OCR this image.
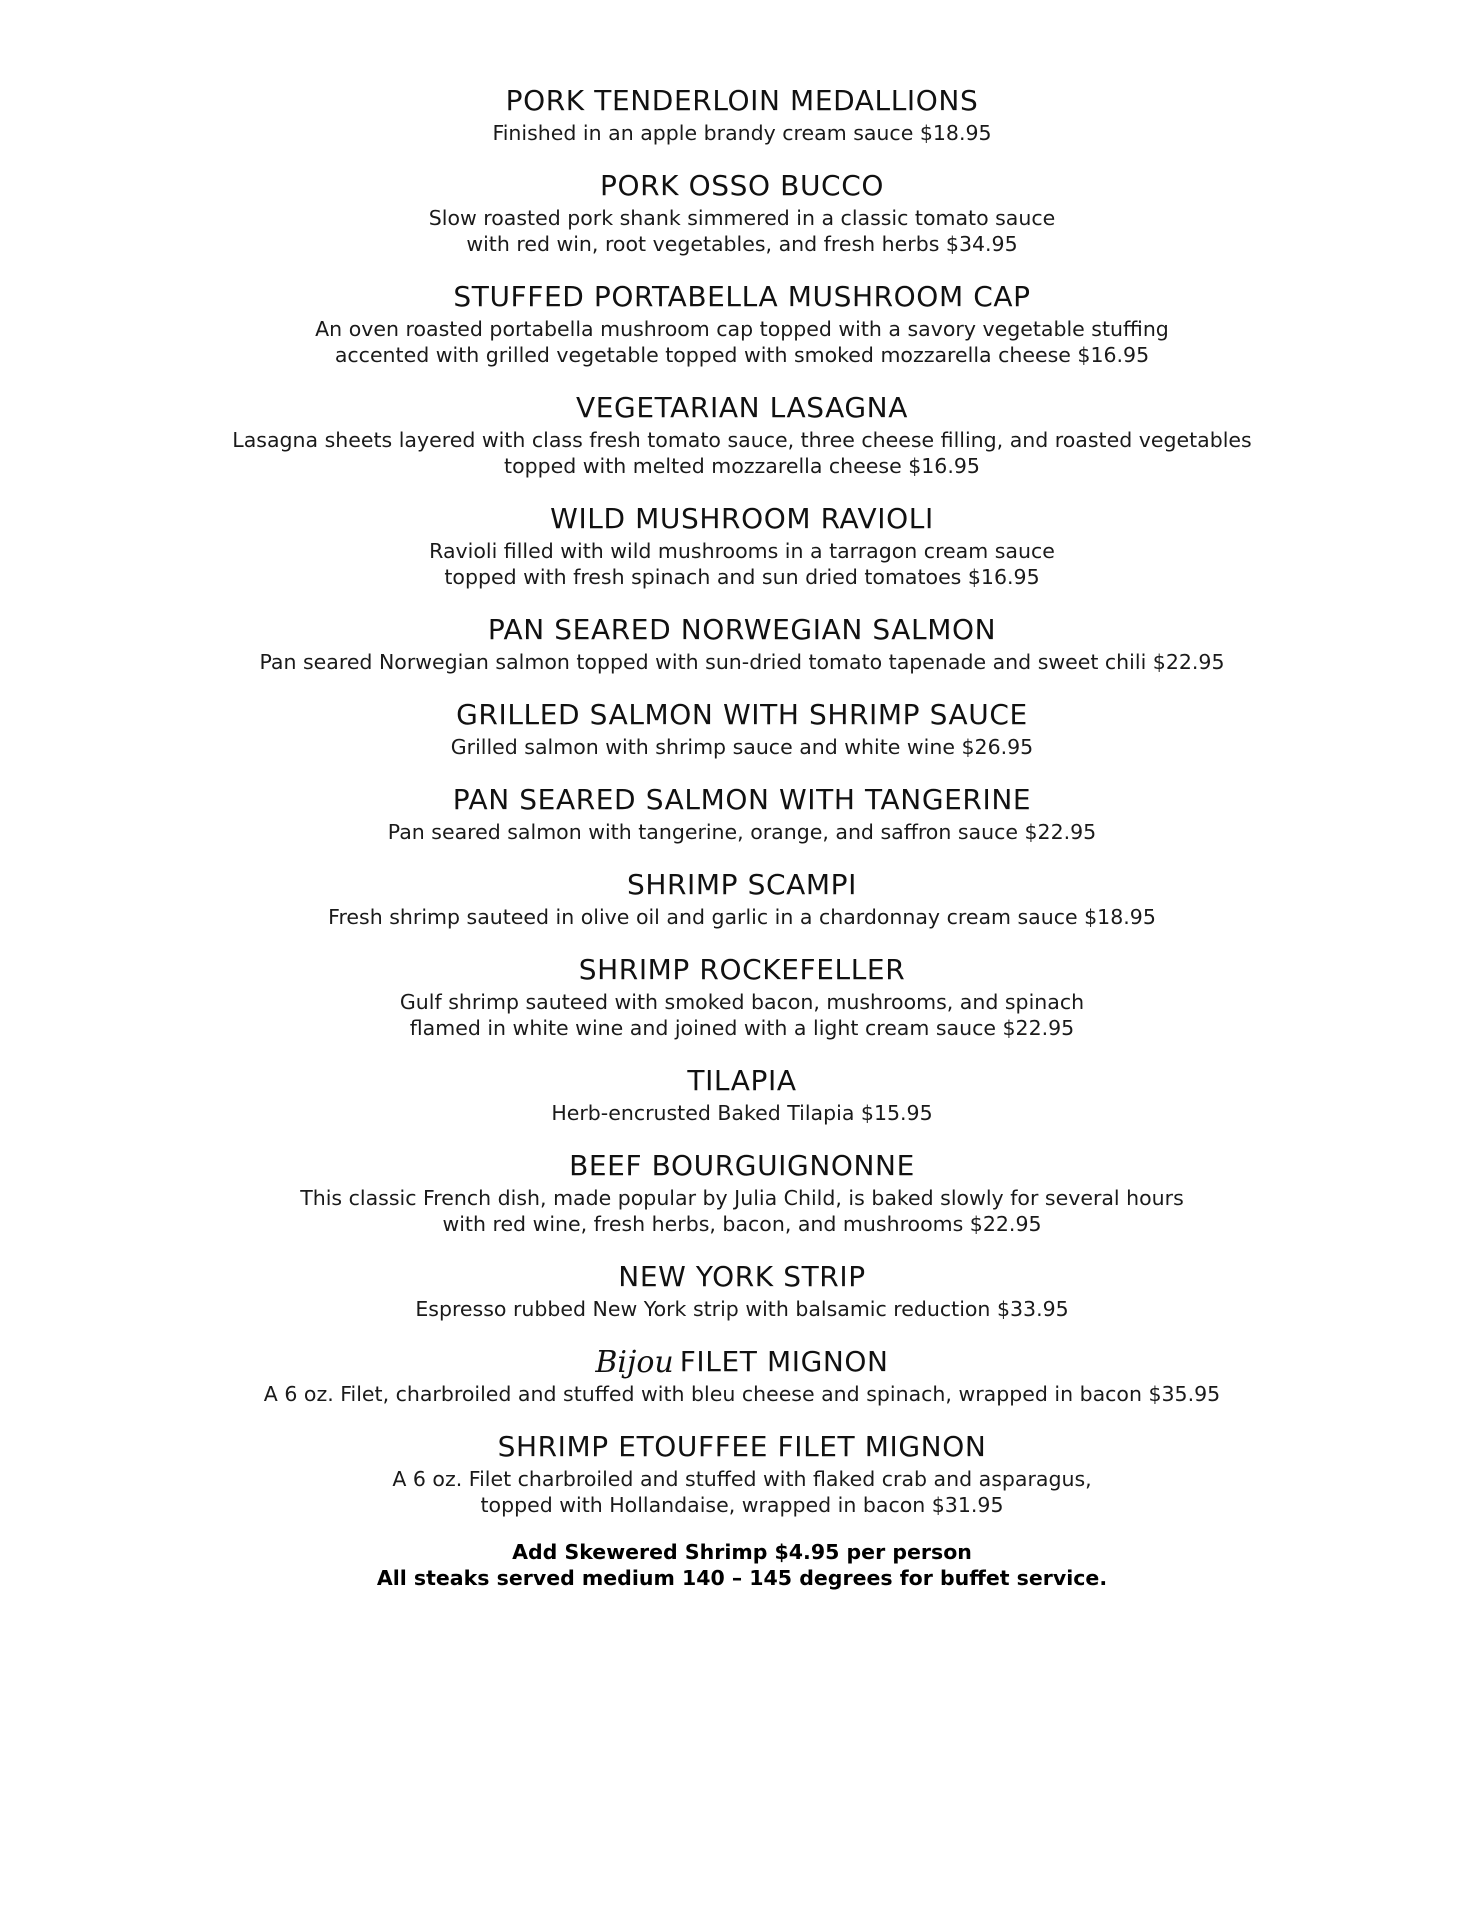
PORK TENDERLOIN MEDALLIONS

Finished in an apple brandy cream sauce $18.95

PORK OSSO BUCCO

Slow roasted pork shank simmered in a classic tomato sauce

with red win, root vegetables, and fresh herbs $34.95

STUFFED PORTABELLA MUSHROOM CAP

An oven roasted portabella mushroom cap topped with a savory vegetable stuffing

accented with grilled vegetable topped with smoked mozzarella cheese $16.95

VEGETARIAN LASAGNA

Lasagna sheets layered with class fresh tomato sauce, three cheese filling, and roasted vegetables

topped with melted mozzarella cheese $16.95

WILD MUSHROOM RAVIOLI

Ravioli filled with wild mushrooms in a tarragon cream sauce

topped with fresh spinach and sun dried tomatoes $16.95

PAN SEARED NORWEGIAN SALMON

Pan seared Norwegian salmon topped with sun-dried tomato tapenade and sweet chili $22.95

GRILLED SALMON WITH SHRIMP SAUCE

Grilled salmon with shrimp sauce and white wine $26.95

PAN SEARED SALMON WITH TANGERINE

Pan seared salmon with tangerine, orange, and saffron sauce $22.95

SHRIMP SCAMPI

Fresh shrimp sauteed in olive oil and garlic in a chardonnay cream sauce $18.95

SHRIMP ROCKEFELLER

Gulf shrimp sauteed with smoked bacon, mushrooms, and spinach

flamed in white wine and joined with a light cream sauce $22.95

TILAPIA

Herb-encrusted Baked Tilapia $15.95

BEEF BOURGUIGNONNE

This classic French dish, made popular by Julia Child, is baked slowly for several hours

with red wine, fresh herbs, bacon, and mushrooms $22.95

NEW YORK STRIP

Espresso rubbed New York strip with balsamic reduction $33.95

Bijou FILET MIGNON

A 6 oz. Filet, charbroiled and stuffed with bleu cheese and spinach, wrapped in bacon $35.95

SHRIMP ETOUFFEE FILET MIGNON

A 6 oz. Filet charbroiled and stuffed with flaked crab and asparagus,

topped with Hollandaise, wrapped in bacon $31.95

Add Skewered Shrimp $4.95 per person

All steaks served medium 140 – 145 degrees for buffet service.
